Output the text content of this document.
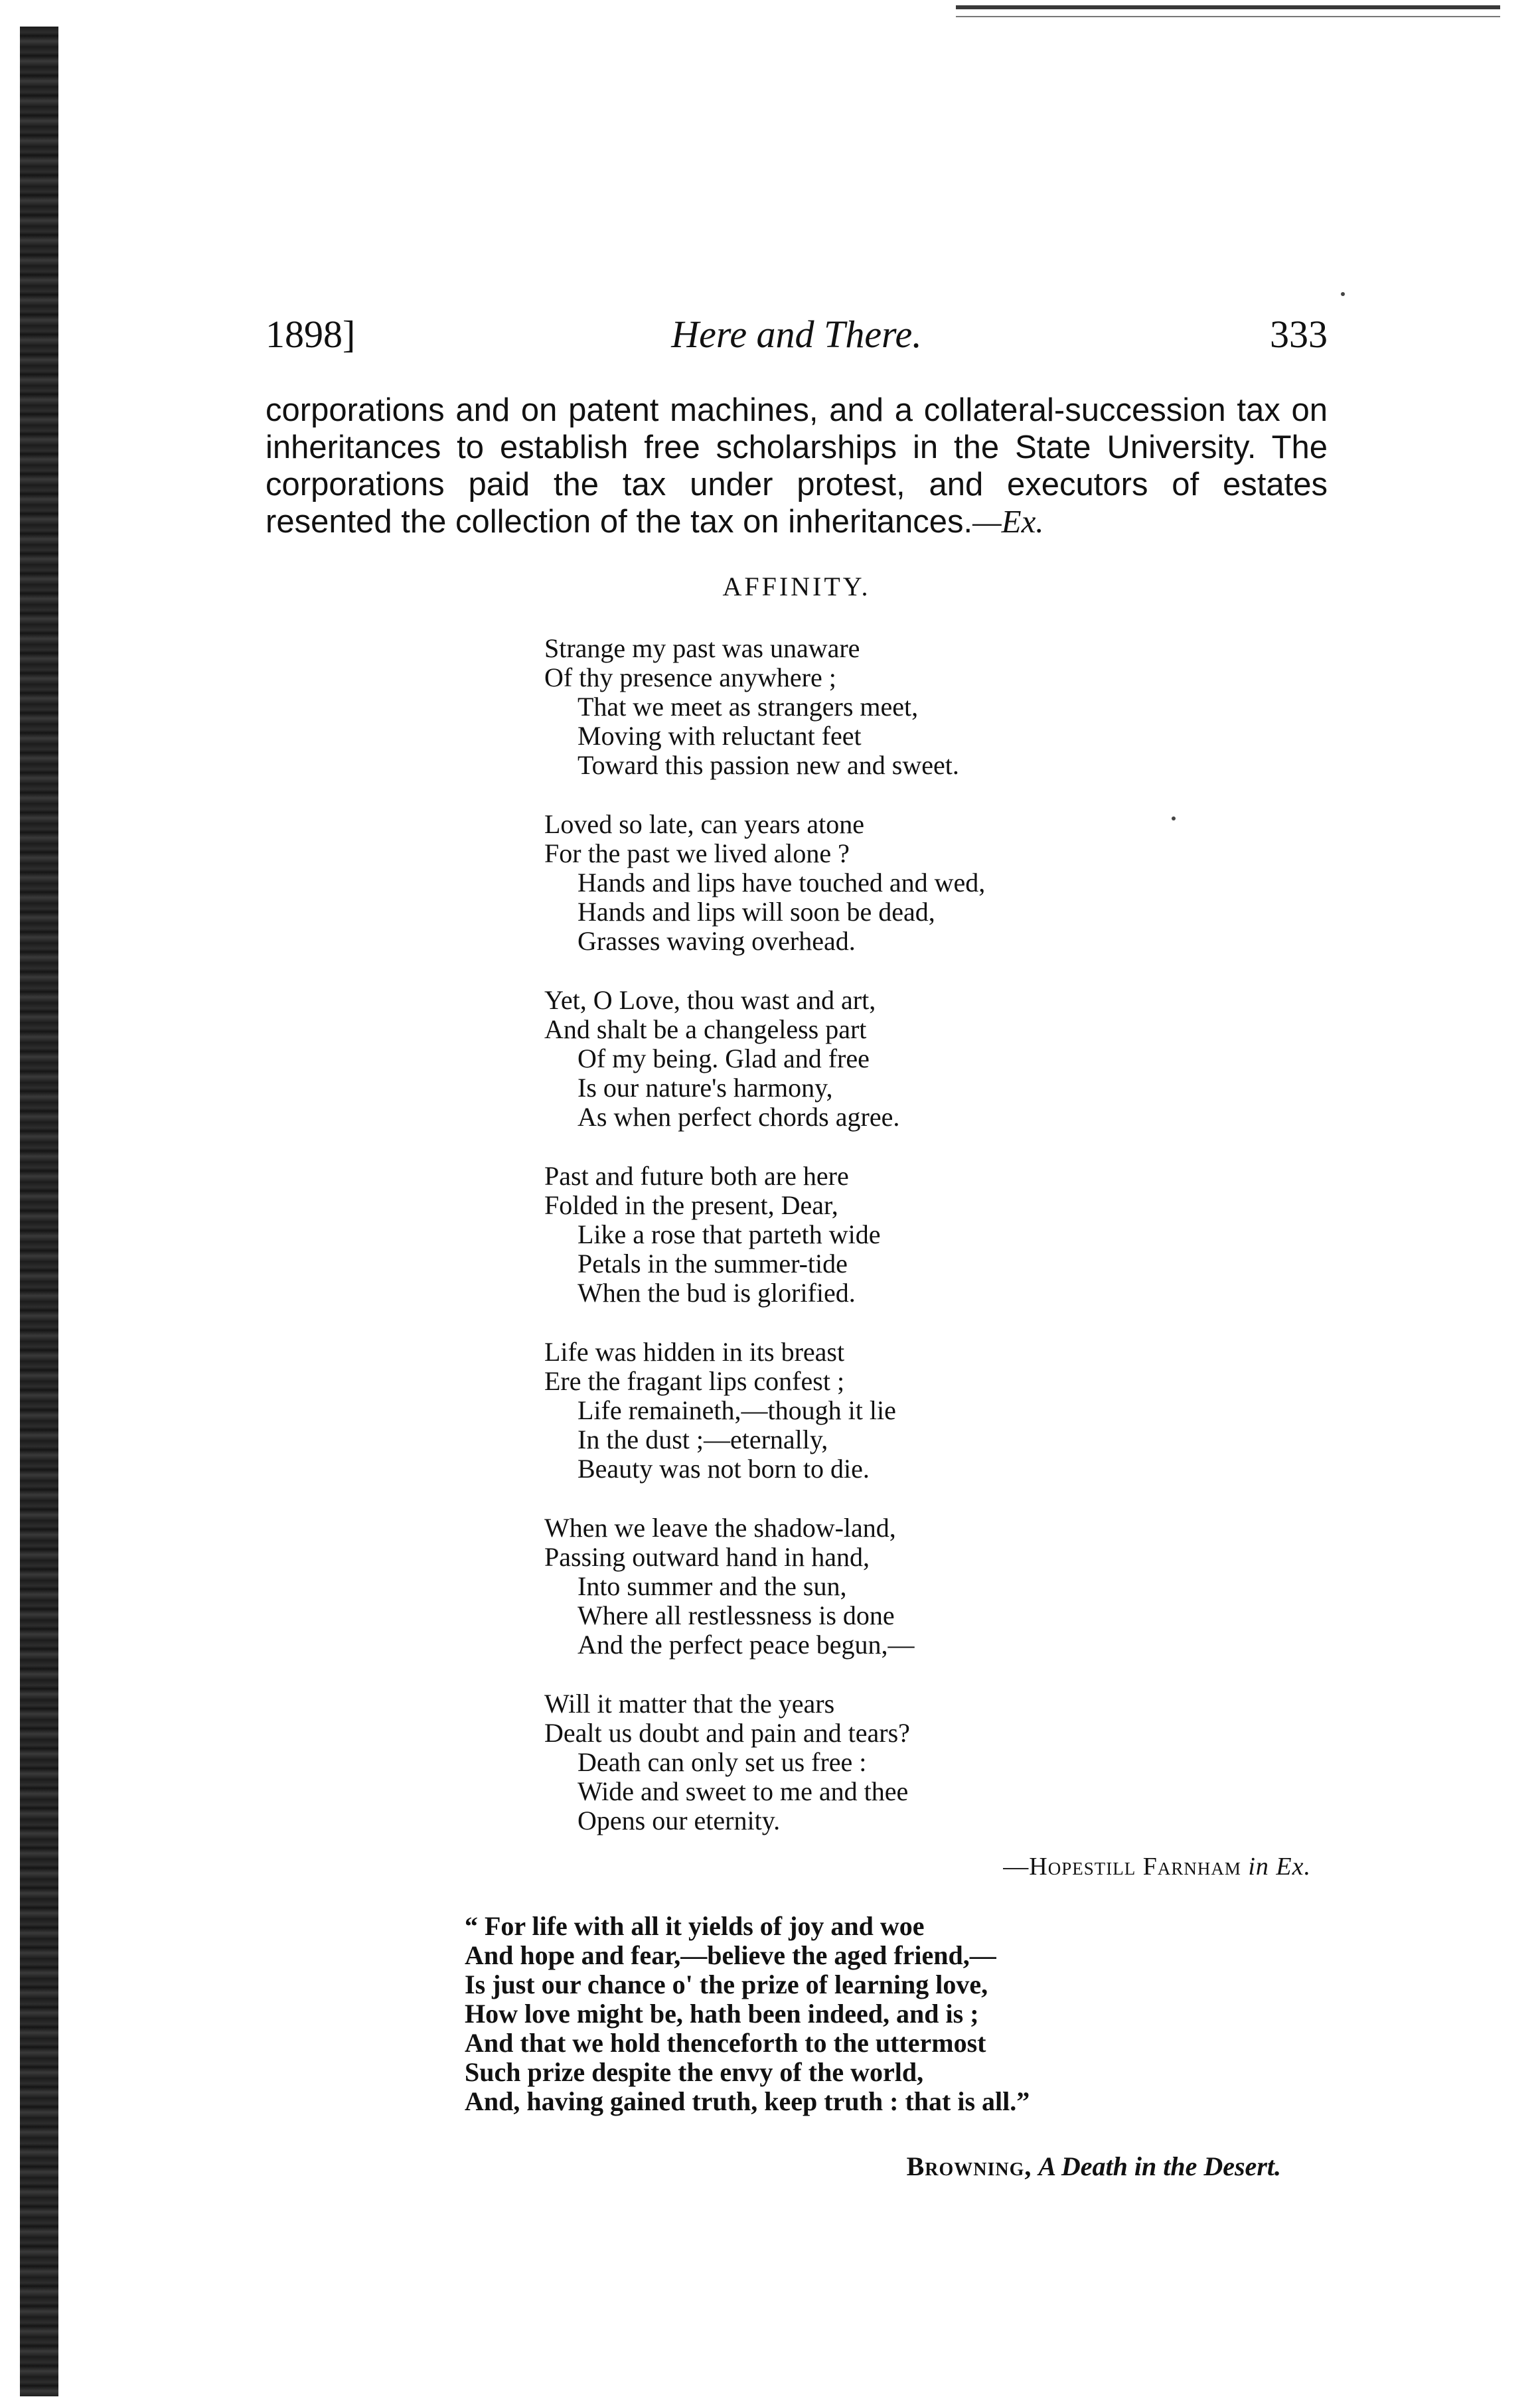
1898]	Here and There.	333

corporations and on patent machines, and a collateral-succession tax on inheritances to establish free scholarships in the State University. The corporations paid the tax under protest, and executors of estates resented the collection of the tax on inheritances.—Ex.

AFFINITY.
Strange my past was unaware
Of thy presence anywhere ;
That we meet as strangers meet,
Moving with reluctant feet
Toward this passion new and sweet.
Loved so late, can years atone
For the past we lived alone ?
Hands and lips have touched and wed,
Hands and lips will soon be dead,
Grasses waving overhead.
Yet, O Love, thou wast and art,
And shalt be a changeless part
Of my being. Glad and free
Is our nature's harmony,
As when perfect chords agree.
Past and future both are here
Folded in the present, Dear,
Like a rose that parteth wide
Petals in the summer-tide
When the bud is glorified.
Life was hidden in its breast
Ere the fragant lips confest ;
Life remaineth,—though it lie
In the dust ;—eternally,
Beauty was not born to die.
When we leave the shadow-land,
Passing outward hand in hand,
Into summer and the sun,
Where all restlessness is done
And the perfect peace begun,—
Will it matter that the years
Dealt us doubt and pain and tears?
Death can only set us free :
Wide and sweet to me and thee
Opens our eternity.
—Hopestill Farnham in Ex.
“ For life with all it yields of joy and woe
And hope and fear,—believe the aged friend,—
Is just our chance o' the prize of learning love,
How love might be, hath been indeed, and is ;
And that we hold thenceforth to the uttermost
Such prize despite the envy of the world,
And, having gained truth, keep truth : that is all.”
Browning, A Death in the Desert.
